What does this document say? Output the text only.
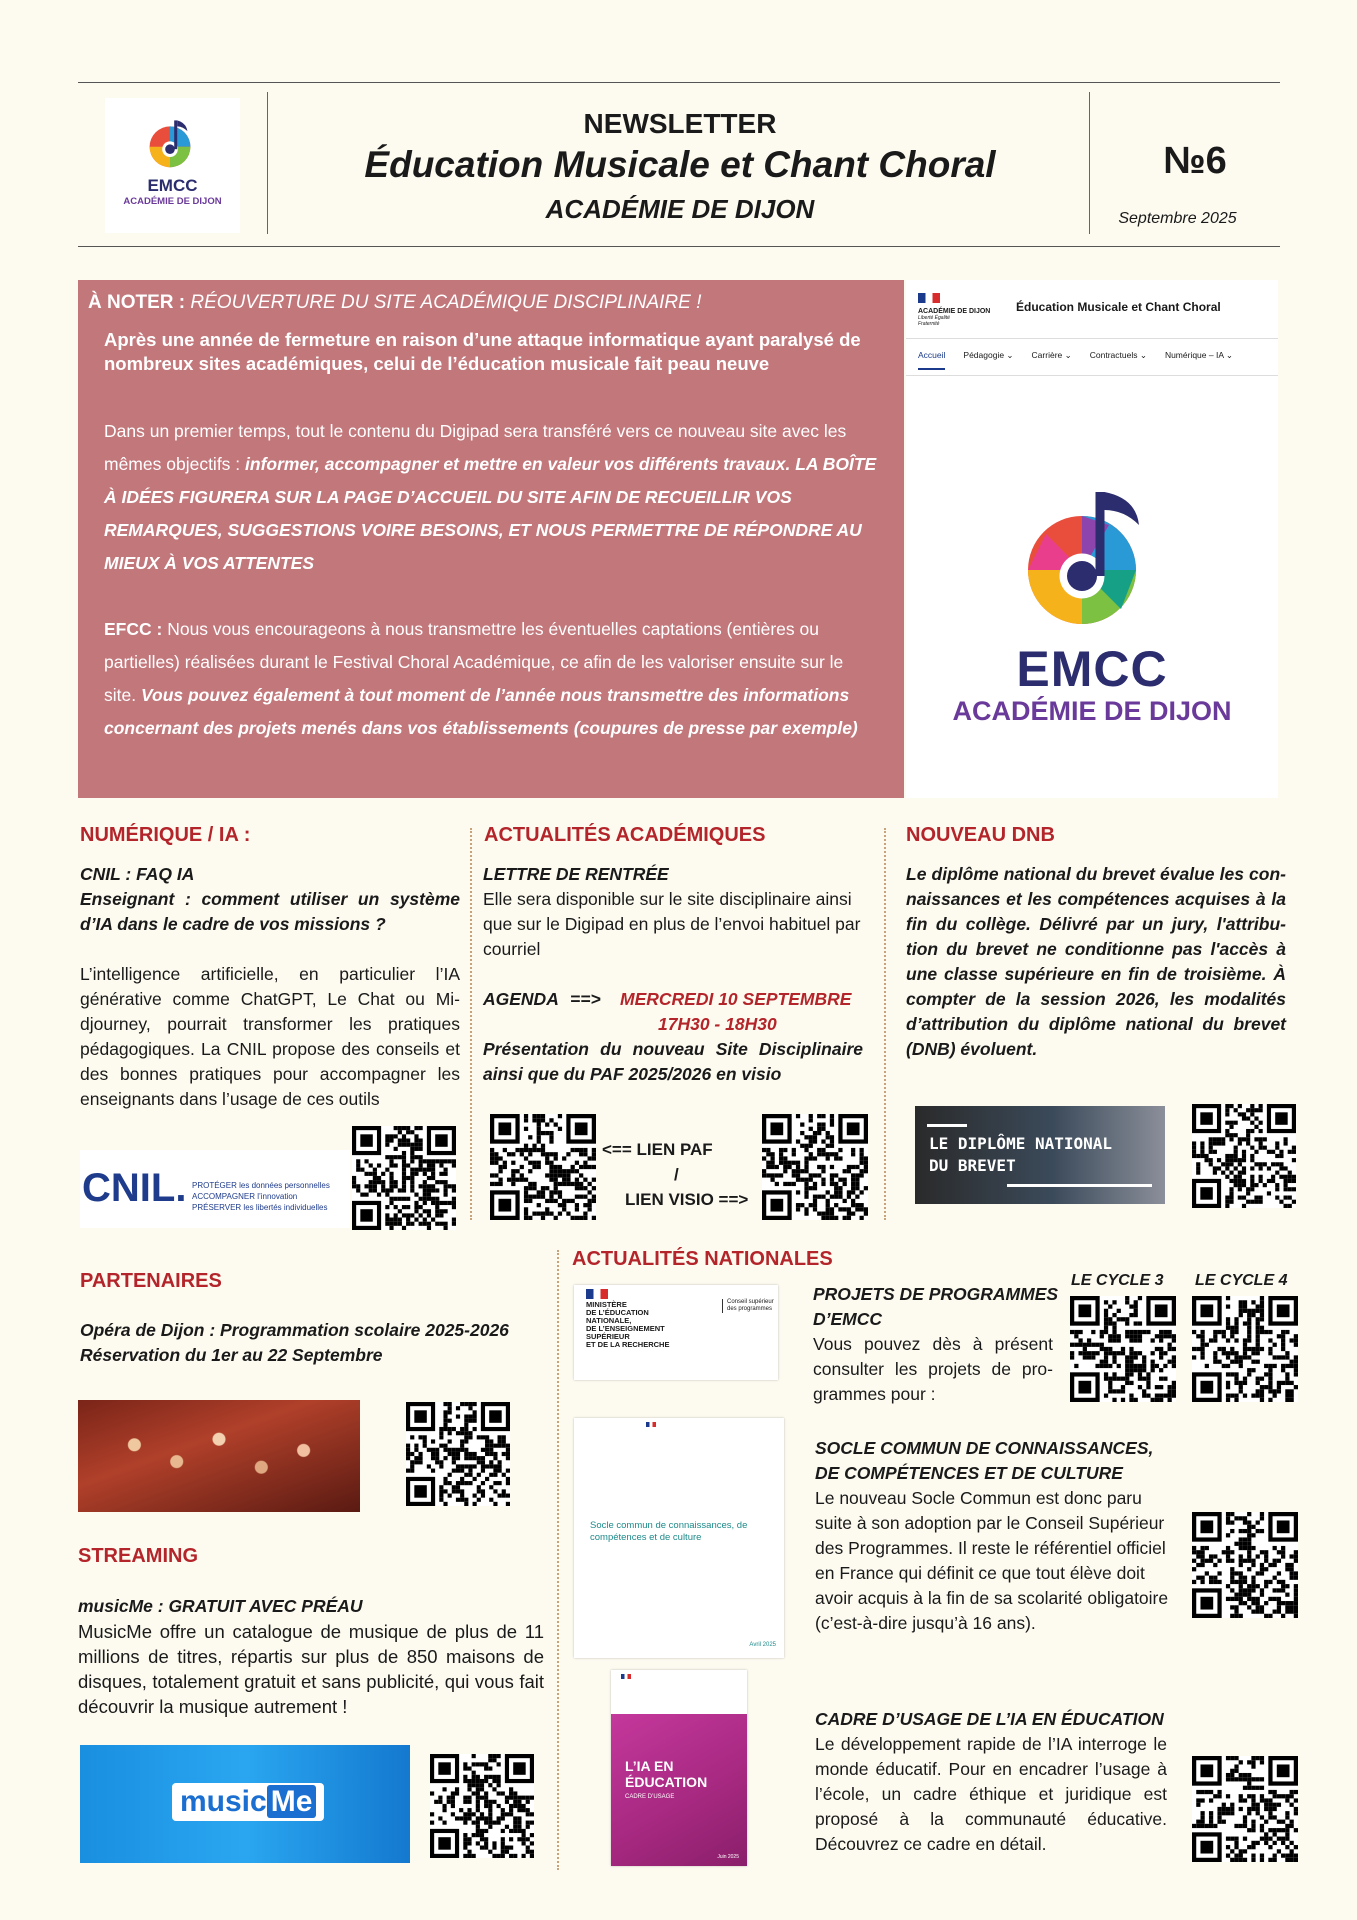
EMCC
ACADÉMIE DE DIJON
NEWSLETTER
Éducation Musicale et Chant Choral
ACADÉMIE DE DIJON
№6
Septembre 2025
À NOTER : RÉOUVERTURE DU SITE ACADÉMIQUE DISCIPLINAIRE !
Après une année de fermeture en raison d’une attaque informatique ayant paralysé de nombreux sites académiques, celui de l’éducation musicale fait peau neuve
Dans un premier temps, tout le contenu du Digipad sera transféré vers ce nouveau site avec les mêmes objectifs : informer, accompagner et mettre en valeur vos différents travaux. LA BOÎTE À IDÉES FIGURERA SUR LA PAGE D’ACCUEIL DU SITE AFIN DE RECUEILLIR VOS REMARQUES, SUGGESTIONS VOIRE BESOINS, ET NOUS PERMETTRE DE RÉPONDRE AU MIEUX À VOS ATTENTES
EFCC : Nous vous encourageons à nous transmettre les éventuelles captations (entières ou partielles) réalisées durant le Festival Choral Académique, ce afin de les valoriser ensuite sur le site. Vous pouvez également à tout moment de l’année nous transmettre des informations concernant des projets menés dans vos établissements (coupures de presse par exemple)
ACADÉMIE DE DIJON
Liberté Égalité Fraternité
Éducation Musicale et Chant Choral
Accueil Pédagogie ⌄ Carrière ⌄ Contractuels ⌄ Numérique – IA ⌄
EMCC
ACADÉMIE DE DIJON
NUMÉRIQUE / IA :
CNIL : FAQ IA
Enseignant : comment utiliser un système d’IA dans le cadre de vos missions ?
L’intelligence artificielle, en particulier l’IA générative comme ChatGPT, Le Chat ou Midjourney, pourrait transformer les pratiques pédagogiques. La CNIL propose des conseils et des bonnes pratiques pour accompagner les enseignants dans l’usage de ces outils
CNIL. PROTÉGER les données personnelles
ACCOMPAGNER l’innovation
PRÉSERVER les libertés individuelles
ACTUALITÉS ACADÉMIQUES
LETTRE DE RENTRÉE
Elle sera disponible sur le site disciplinaire ainsi que sur le Digipad en plus de l’envoi habituel par courriel
AGENDA ==> MERCREDI 10 SEPTEMBRE
17H30 - 18H30
Présentation du nouveau Site Disciplinaire ainsi que du PAF 2025/2026 en visio
<== LIEN PAF
/
LIEN VISIO ==>
NOUVEAU DNB
Le diplôme national du brevet évalue les connaissances et les compétences acquises à la fin du collège. Délivré par un jury, l'attribution du brevet ne conditionne pas l'accès à une classe supérieure en fin de troisième. À compter de la session 2026, les modalités d’attribution du diplôme national du brevet (DNB) évoluent.
LE DIPLÔME NATIONAL
DU BREVET
PARTENAIRES
Opéra de Dijon : Programmation scolaire 2025-2026
Réservation du 1er au 22 Septembre
STREAMING
musicMe : GRATUIT AVEC PRÉAU
MusicMe offre un catalogue de musique de plus de 11 millions de titres, répartis sur plus de 850 maisons de disques, totalement gratuit et sans publicité, qui vous fait découvrir la musique autrement !
music Me
ACTUALITÉS NATIONALES
MINISTÈRE
DE L’ÉDUCATION
NATIONALE,
DE L’ENSEIGNEMENT
SUPÉRIEUR
ET DE LA RECHERCHE
Conseil supérieur des programmes
PROJETS DE PROGRAMMES D’EMCC
Vous pouvez dès à présent consulter les projets de programmes pour :
LE CYCLE 3 LE CYCLE 4
Socle commun de connaissances, de compétences et de culture
Avril 2025
SOCLE COMMUN DE CONNAISSANCES, DE COMPÉTENCES ET DE CULTURE
Le nouveau Socle Commun est donc paru suite à son adoption par le Conseil Supérieur des Programmes. Il reste le référentiel officiel en France qui définit ce que tout élève doit avoir acquis à la fin de sa scolarité obligatoire (c’est-à-dire jusqu’à 16 ans).
L’IA EN ÉDUCATION
CADRE D’USAGE
Juin 2025
CADRE D’USAGE DE L’IA EN ÉDUCATION
Le développement rapide de l’IA interroge le monde éducatif. Pour en encadrer l’usage à l’école, un cadre éthique et juridique est proposé à la communauté éducative. Découvrez ce cadre en détail.
